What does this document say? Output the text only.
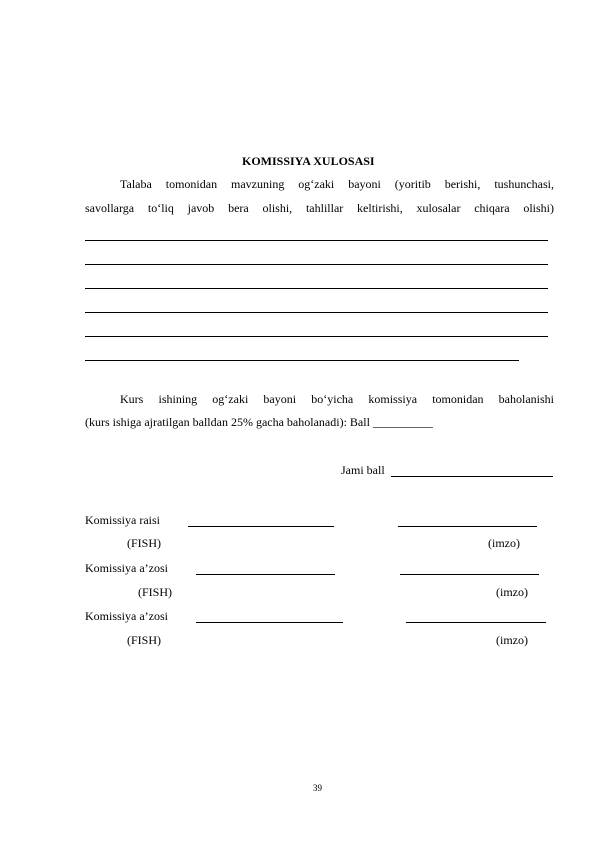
KOMISSIYA XULOSASI
Talaba tomonidan mavzuning og‘zaki bayoni (yoritib berishi, tushunchasi,
savollarga to‘liq javob bera olishi, tahlillar keltirishi, xulosalar chiqara olishi)
Kurs ishining og‘zaki bayoni bo‘yicha komissiya tomonidan baholanishi
(kurs ishiga ajratilgan balldan 25% gacha baholanadi): Ball __________
Jami ball
Komissiya raisi
(FISH)	(imzo)
Komissiya a’zosi
(FISH)	(imzo)
Komissiya a’zosi
(FISH)	(imzo)
39
